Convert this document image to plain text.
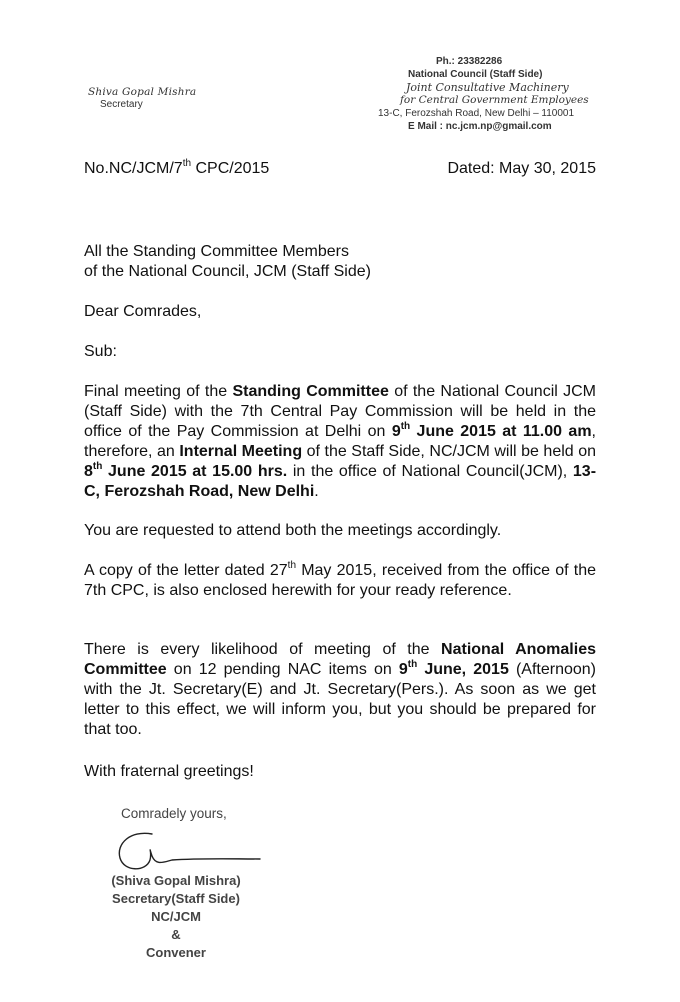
Shiva Gopal Mishra
Secretary
Ph.: 23382286
National Council (Staff Side)
Joint Consultative Machinery
for Central Government Employees
13-C, Ferozshah Road, New Delhi – 110001
E Mail : nc.jcm.np@gmail.com
No.NC/JCM/7th CPC/2015	Dated: May 30, 2015
All the Standing Committee Members
of the National Council, JCM (Staff Side)
Dear Comrades,
Sub:
Final meeting of the Standing Committee of the National Council JCM (Staff Side) with the 7th Central Pay Commission will be held in the office of the Pay Commission at Delhi on 9th June 2015 at 11.00 am, therefore, an Internal Meeting of the Staff Side, NC/JCM will be held on 8th June 2015 at 15.00 hrs. in the office of National Council(JCM), 13-C, Ferozshah Road, New Delhi.
You are requested to attend both the meetings accordingly.
A copy of the letter dated 27th May 2015, received from the office of the 7th CPC, is also enclosed herewith for your ready reference.
There is every likelihood of meeting of the National Anomalies Committee on 12 pending NAC items on 9th June, 2015 (Afternoon) with the Jt. Secretary(E) and Jt. Secretary(Pers.). As soon as we get letter to this effect, we will inform you, but you should be prepared for that too.
With fraternal greetings!
Comradely yours,
(Shiva Gopal Mishra)
Secretary(Staff Side)
NC/JCM
&
Convener
